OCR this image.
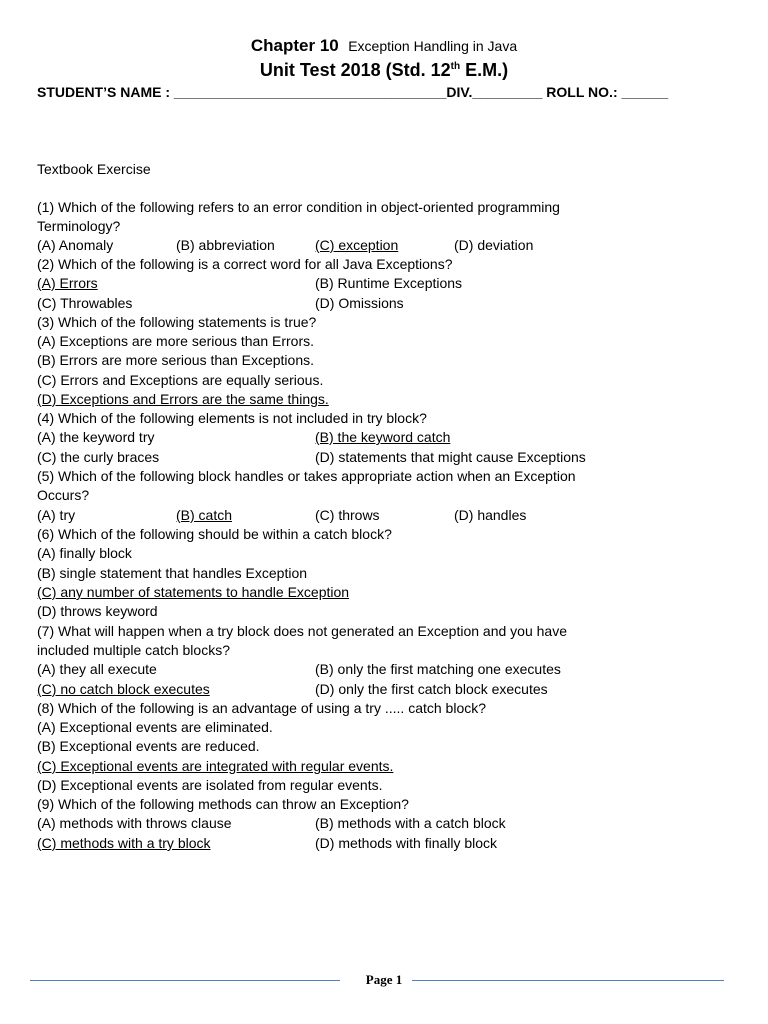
Chapter 10 Exception Handling in Java
Unit Test 2018 (Std. 12th E.M.)
STUDENT’S NAME : ___________________________________DIV._________ ROLL NO.: ______
Textbook Exercise
(1) Which of the following refers to an error condition in object-oriented programming
Terminology?
(A) Anomaly	(B) abbreviation	(C) exception	(D) deviation
(2) Which of the following is a correct word for all Java Exceptions?
(A) Errors	(B) Runtime Exceptions
(C) Throwables	(D) Omissions
(3) Which of the following statements is true?
(A) Exceptions are more serious than Errors.
(B) Errors are more serious than Exceptions.
(C) Errors and Exceptions are equally serious.
(D) Exceptions and Errors are the same things.
(4) Which of the following elements is not included in try block?
(A) the keyword try	(B) the keyword catch
(C) the curly braces	(D) statements that might cause Exceptions
(5) Which of the following block handles or takes appropriate action when an Exception
Occurs?
(A) try	(B) catch	(C) throws	(D) handles
(6) Which of the following should be within a catch block?
(A) finally block
(B) single statement that handles Exception
(C) any number of statements to handle Exception
(D) throws keyword
(7) What will happen when a try block does not generated an Exception and you have
included multiple catch blocks?
(A) they all execute	(B) only the first matching one executes
(C) no catch block executes	(D) only the first catch block executes
(8) Which of the following is an advantage of using a try ..... catch block?
(A) Exceptional events are eliminated.
(B) Exceptional events are reduced.
(C) Exceptional events are integrated with regular events.
(D) Exceptional events are isolated from regular events.
(9) Which of the following methods can throw an Exception?
(A) methods with throws clause	(B) methods with a catch block
(C) methods with a try block	(D) methods with finally block
Page 1
